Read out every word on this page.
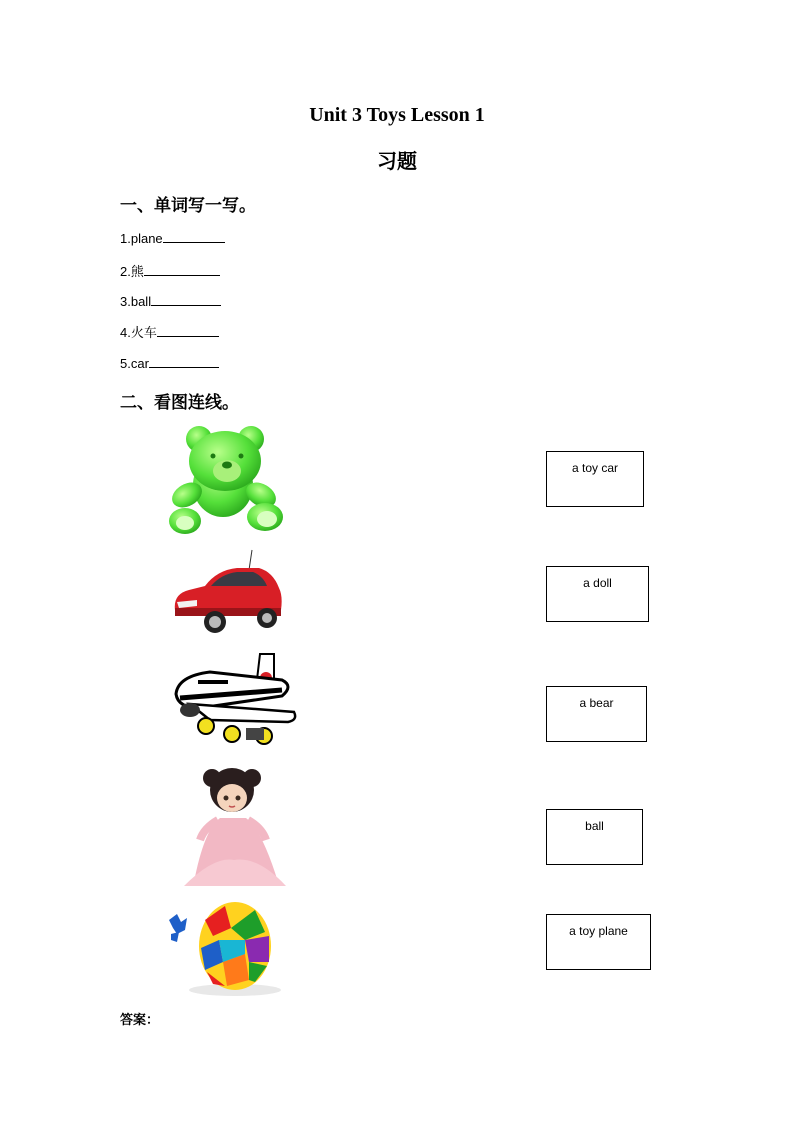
Unit 3 Toys Lesson 1
习题
一、单词写一写。
1.plane
2.熊
3.ball
4.火车
5.car
二、看图连线。
a toy car
a doll
a bear
ball
a toy plane
答案：
